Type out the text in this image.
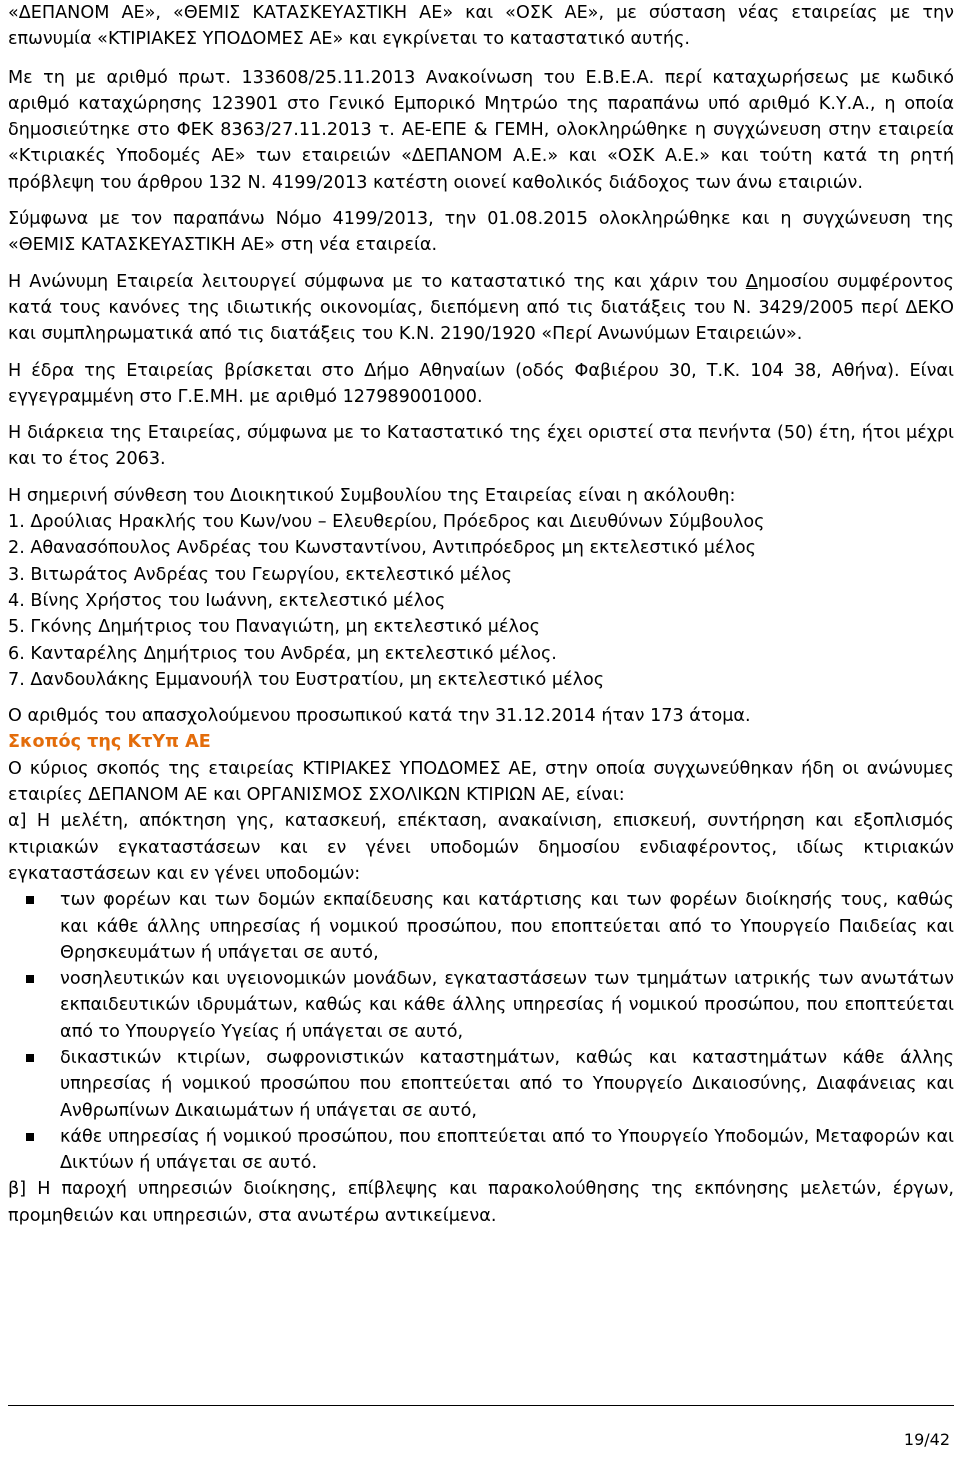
«ΔΕΠΑΝΟΜ ΑΕ», «ΘΕΜΙΣ ΚΑΤΑΣΚΕΥΑΣΤΙΚΗ ΑΕ» και «ΟΣΚ ΑΕ», με σύσταση νέας εταιρείας με την επωνυμία «ΚΤΙΡΙΑΚΕΣ ΥΠΟΔΟΜΕΣ ΑΕ» και εγκρίνεται το καταστατικό αυτής.

Με τη με αριθμό πρωτ. 133608/25.11.2013 Ανακοίνωση του Ε.Β.Ε.Α. περί καταχωρήσεως με κωδικό αριθμό καταχώρησης 123901 στο Γενικό Εμπορικό Μητρώο της παραπάνω υπό αριθμό Κ.Υ.Α., η οποία δημοσιεύτηκε στο ΦΕΚ 8363/27.11.2013 τ. ΑΕ-ΕΠΕ & ΓΕΜΗ, ολοκληρώθηκε η συγχώνευση στην εταιρεία «Κτιριακές Υποδομές ΑΕ» των εταιρειών «ΔΕΠΑΝΟΜ Α.Ε.» και «ΟΣΚ Α.Ε.» και τούτη κατά τη ρητή πρόβλεψη του άρθρου 132 Ν. 4199/2013 κατέστη οιονεί καθολικός διάδοχος των άνω εταιριών.

Σύμφωνα με τον παραπάνω Νόμο 4199/2013, την 01.08.2015 ολοκληρώθηκε και η συγχώνευση της «ΘΕΜΙΣ ΚΑΤΑΣΚΕΥΑΣΤΙΚΗ ΑΕ» στη νέα εταιρεία.

Η Ανώνυμη Εταιρεία λειτουργεί σύμφωνα με το καταστατικό της και χάριν του Δημοσίου συμφέροντος κατά τους κανόνες της ιδιωτικής οικονομίας, διεπόμενη από τις διατάξεις του Ν. 3429/2005 περί ΔΕΚΟ και συμπληρωματικά από τις διατάξεις του Κ.Ν. 2190/1920 «Περί Ανωνύμων Εταιρειών».

Η έδρα της Εταιρείας βρίσκεται στο Δήμο Αθηναίων (οδός Φαβιέρου 30, Τ.Κ. 104 38, Αθήνα). Είναι εγγεγραμμένη στο Γ.Ε.ΜΗ. με αριθμό 127989001000.

Η διάρκεια της Εταιρείας, σύμφωνα με το Καταστατικό της έχει οριστεί στα πενήντα (50) έτη, ήτοι μέχρι και το έτος 2063.

Η σημερινή σύνθεση του Διοικητικού Συμβουλίου της Εταιρείας είναι η ακόλουθη:

1. Δρούλιας Ηρακλής του Κων/νου – Ελευθερίου, Πρόεδρος και Διευθύνων Σύμβουλος
2. Αθανασόπουλος Ανδρέας του Κωνσταντίνου, Αντιπρόεδρος μη εκτελεστικό μέλος
3. Βιτωράτος Ανδρέας του Γεωργίου, εκτελεστικό μέλος
4. Βίνης Χρήστος του Ιωάννη, εκτελεστικό μέλος
5. Γκόνης Δημήτριος του Παναγιώτη, μη εκτελεστικό μέλος
6. Κανταρέλης Δημήτριος του Ανδρέα, μη εκτελεστικό μέλος.
7. Δανδουλάκης Εμμανουήλ του Ευστρατίου, μη εκτελεστικό μέλος

Ο αριθμός του απασχολούμενου προσωπικού κατά την 31.12.2014 ήταν 173 άτομα.

Σκοπός της ΚτΥπ ΑΕ

Ο κύριος σκοπός της εταιρείας ΚΤΙΡΙΑΚΕΣ ΥΠΟΔΟΜΕΣ ΑΕ, στην οποία συγχωνεύθηκαν ήδη οι ανώνυμες εταιρίες ΔΕΠΑΝΟΜ ΑΕ και ΟΡΓΑΝΙΣΜΟΣ ΣΧΟΛΙΚΩΝ ΚΤΙΡΙΩΝ ΑΕ, είναι:

α] Η μελέτη, απόκτηση γης, κατασκευή, επέκταση, ανακαίνιση, επισκευή, συντήρηση και εξοπλισμός κτιριακών εγκαταστάσεων και εν γένει υποδομών δημοσίου ενδιαφέροντος, ιδίως κτιριακών εγκαταστάσεων και εν γένει υποδομών:

των φορέων και των δομών εκπαίδευσης και κατάρτισης και των φορέων διοίκησής τους, καθώς και κάθε άλλης υπηρεσίας ή νομικού προσώπου, που εποπτεύεται από το Υπουργείο Παιδείας και Θρησκευμάτων ή υπάγεται σε αυτό,
νοσηλευτικών και υγειονομικών μονάδων, εγκαταστάσεων των τμημάτων ιατρικής των ανωτάτων εκπαιδευτικών ιδρυμάτων, καθώς και κάθε άλλης υπηρεσίας ή νομικού προσώπου, που εποπτεύεται από το Υπουργείο Υγείας ή υπάγεται σε αυτό,
δικαστικών κτιρίων, σωφρονιστικών καταστημάτων, καθώς και καταστημάτων κάθε άλλης υπηρεσίας ή νομικού προσώπου που εποπτεύεται από το Υπουργείο Δικαιοσύνης, Διαφάνειας και Ανθρωπίνων Δικαιωμάτων ή υπάγεται σε αυτό,
κάθε υπηρεσίας ή νομικού προσώπου, που εποπτεύεται από το Υπουργείο Υποδομών, Μεταφορών και Δικτύων ή υπάγεται σε αυτό.

β] Η παροχή υπηρεσιών διοίκησης, επίβλεψης και παρακολούθησης της εκπόνησης μελετών, έργων, προμηθειών και υπηρεσιών, στα ανωτέρω αντικείμενα.

19/42
